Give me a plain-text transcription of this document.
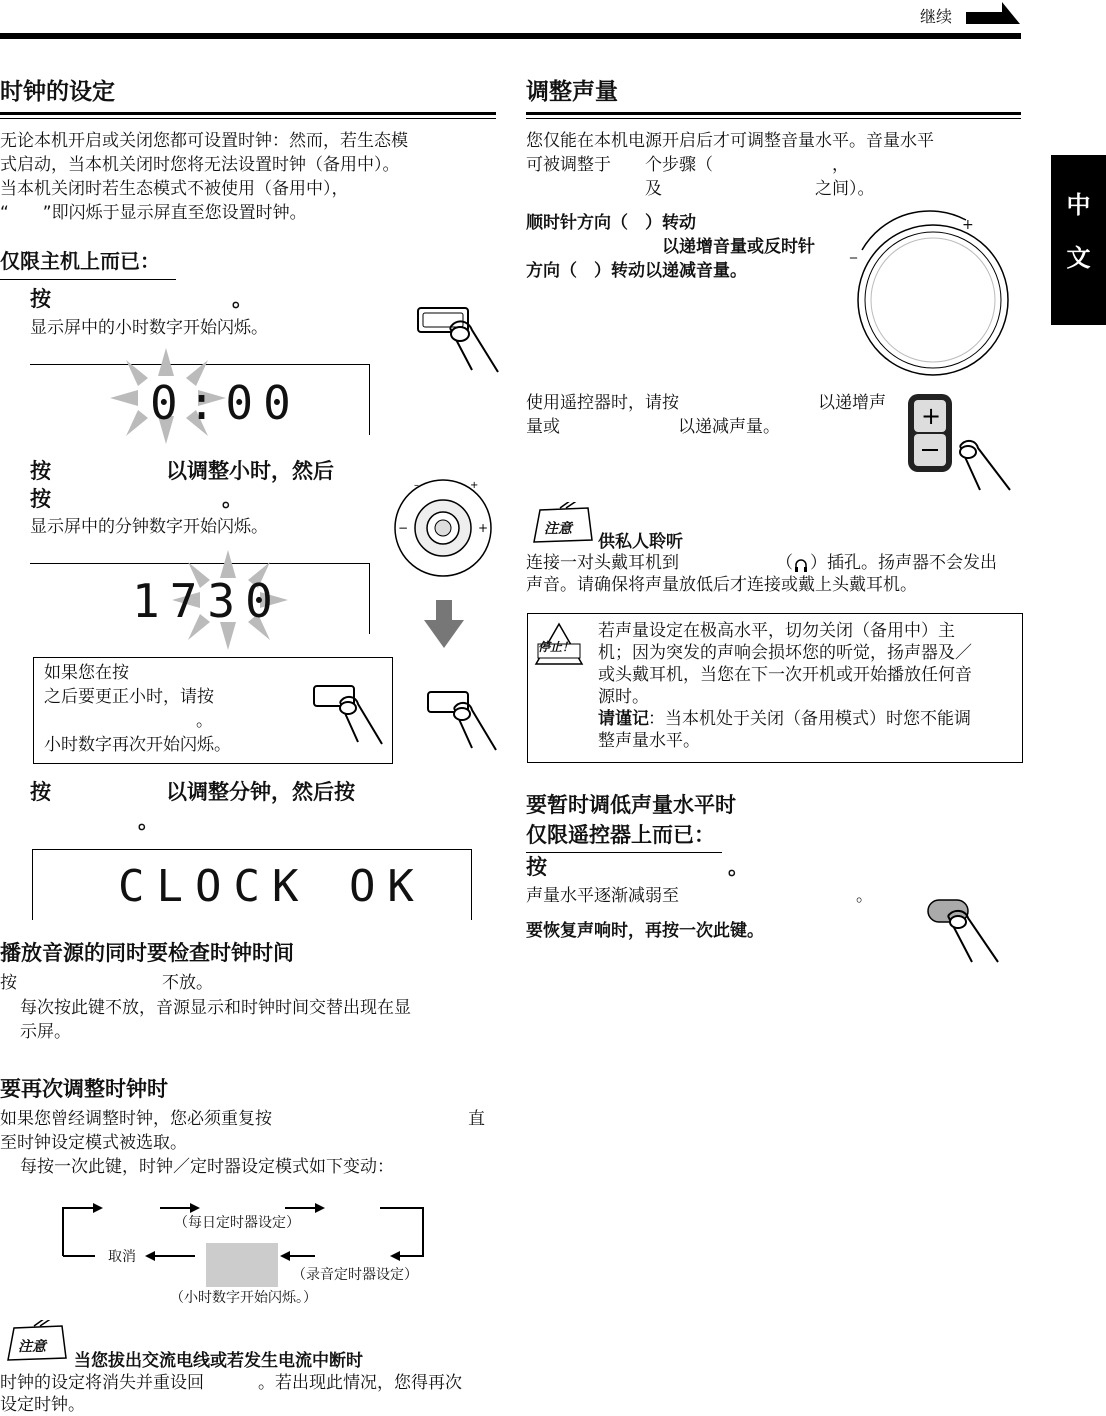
继续
中
文
时钟的设定
无论本机开启或关闭您都可设置时钟：然而，若生态模
式启动，当本机关闭时您将无法设置时钟（备用中）。
当本机关闭时若生态模式不被使用（备用中），
“　　”即闪烁于显示屏直至您设置时钟。
仅限主机上而已：
按	。
显示屏中的小时数字开始闪烁。
0:00
按	以调整小时，然后
按	。
显示屏中的分钟数字开始闪烁。
–	+
−	+
1730
如果您在按
之后要更正小时，请按
。
小时数字再次开始闪烁。
按	以调整分钟，然后按
。
CLOCK OK
播放音源的同时要检查时钟时间
按	不放。
每次按此键不放，音源显示和时钟时间交替出现在显
示屏。
要再次调整时钟时
如果您曾经调整时钟，您必须重复按	直
至时钟设定模式被选取。
每按一次此键，时钟／定时器设定模式如下变动：
（每日定时器设定）
取消
（录音定时器设定）
（小时数字开始闪烁。）
注意
当您拔出交流电线或若发生电流中断时
时钟的设定将消失并重设回	。若出现此情况，您得再次
设定时钟。
调整声量
您仅能在本机电源开启后才可调整音量水平。音量水平
可被调整于　　个步骤（　　　　　　　，
　　　　　　　及　　　　　　　　　之间）。
顺时针方向（　）转动
以递增音量或反时针
方向（　）转动以递减音量。
+
_
使用遥控器时，请按	以递增声
量或	以递减声量。	+
注意
供私人聆听
连接一对头戴耳机到	（ ）插孔。扬声器不会发出
声音。请确保将声量放低后才连接或戴上头戴耳机。
停止！
若声量设定在极高水平，切勿关闭（备用中）主
机；因为突发的声响会损坏您的听觉，扬声器及／
或头戴耳机，当您在下一次开机或开始播放任何音
源时。
请谨记 ：当本机处于关闭（备用模式）时您不能调
整声量水平。
要暂时调低声量水平时
仅限遥控器上而已：
按	。
声量水平逐渐减弱至	。
要恢复声响时，再按一次此键。
